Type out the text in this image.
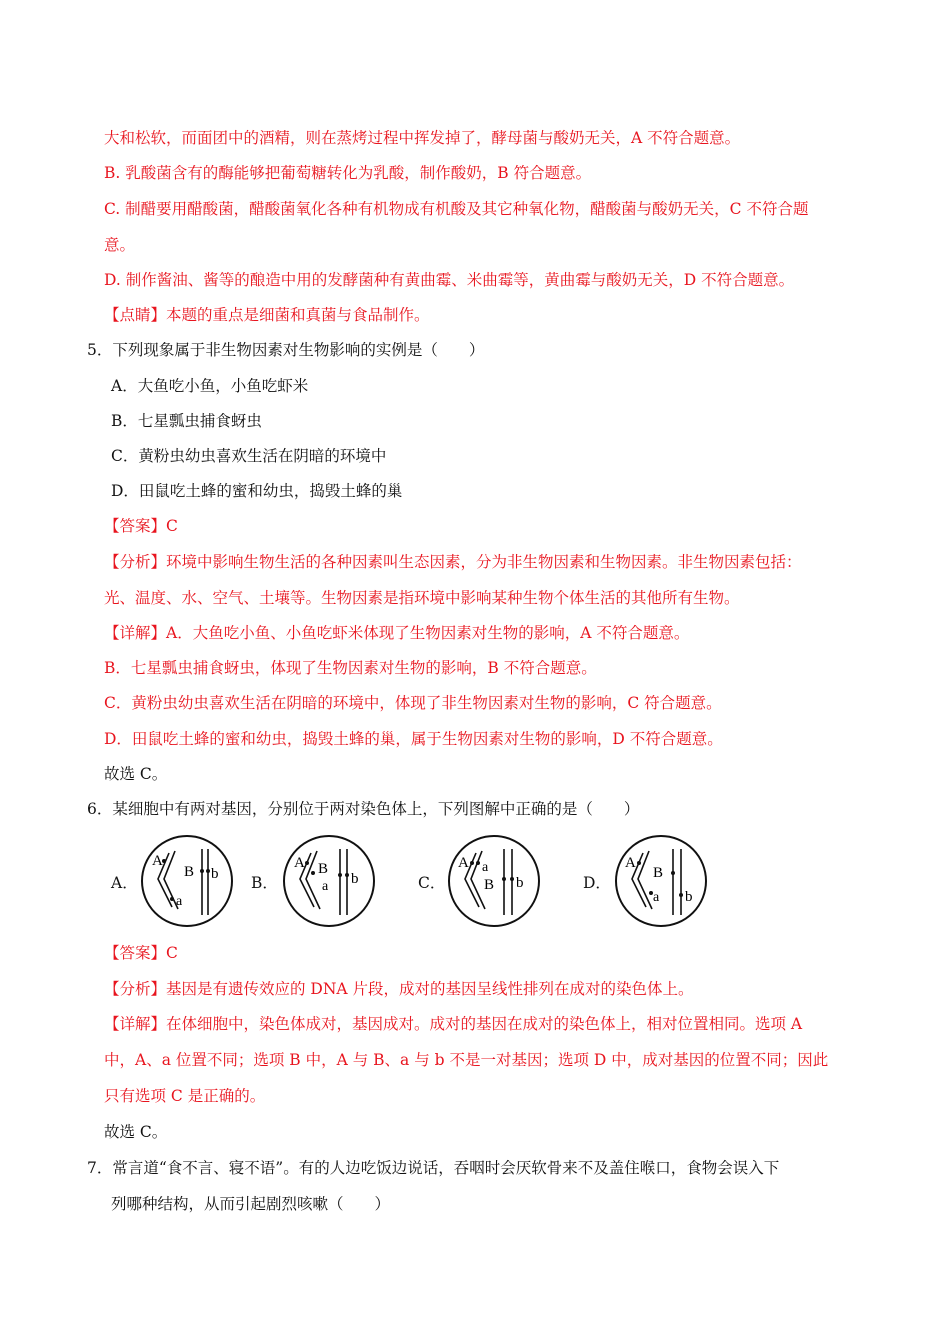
大和松软，而面团中的酒精，则在蒸烤过程中挥发掉了，酵母菌与酸奶无关，A 不符合题意。
B. 乳酸菌含有的酶能够把葡萄糖转化为乳酸，制作酸奶，B 符合题意。
C. 制醋要用醋酸菌，醋酸菌氧化各种有机物成有机酸及其它种氧化物，醋酸菌与酸奶无关，C 不符合题
意。
D. 制作酱油、酱等的酿造中用的发酵菌种有黄曲霉、米曲霉等，黄曲霉与酸奶无关，D 不符合题意。
【点睛】本题的重点是细菌和真菌与食品制作。
5．下列现象属于非生物因素对生物影响的实例是（　　）
A．大鱼吃小鱼，小鱼吃虾米
B．七星瓢虫捕食蚜虫
C．黄粉虫幼虫喜欢生活在阴暗的环境中
D．田鼠吃土蜂的蜜和幼虫，捣毁土蜂的巢
【答案】C
【分析】环境中影响生物生活的各种因素叫生态因素，分为非生物因素和生物因素。非生物因素包括：
光、温度、水、空气、土壤等。生物因素是指环境中影响某种生物个体生活的其他所有生物。
【详解】A．大鱼吃小鱼、小鱼吃虾米体现了生物因素对生物的影响，A 不符合题意。
B．七星瓢虫捕食蚜虫，体现了生物因素对生物的影响，B 不符合题意。
C．黄粉虫幼虫喜欢生活在阴暗的环境中，体现了非生物因素对生物的影响，C 符合题意。
D．田鼠吃土蜂的蜜和幼虫，捣毁土蜂的巢，属于生物因素对生物的影响，D 不符合题意。
故选 C。
6．某细胞中有两对基因，分别位于两对染色体上，下列图解中正确的是（　　）
A．
A
a
B b B．
A B
a b	C．
A a
B b	D．
A
B
a b
【答案】C
【分析】基因是有遗传效应的 DNA 片段，成对的基因呈线性排列在成对的染色体上。
【详解】在体细胞中，染色体成对，基因成对。成对的基因在成对的染色体上，相对位置相同。选项 A
中，A、a 位置不同；选项 B 中，A 与 B、a 与 b 不是一对基因；选项 D 中，成对基因的位置不同；因此
只有选项 C 是正确的。
故选 C。
7．常言道“食不言、寝不语”。有的人边吃饭边说话，吞咽时会厌软骨来不及盖住喉口，食物会误入下
列哪种结构，从而引起剧烈咳嗽（　　）
